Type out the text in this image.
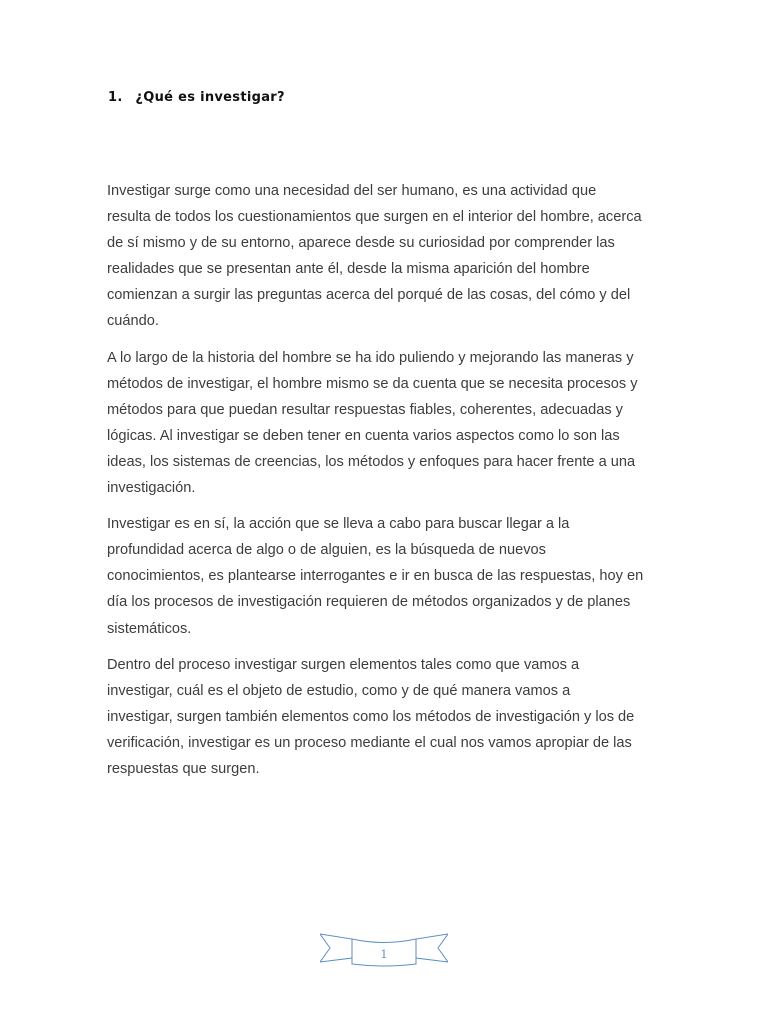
1. ¿Qué es investigar?

Investigar surge como una necesidad del ser humano, es una actividad que
resulta de todos los cuestionamientos que surgen en el interior del hombre, acerca
de sí mismo y de su entorno, aparece desde su curiosidad por comprender las
realidades que se presentan ante él, desde la misma aparición del hombre
comienzan a surgir las preguntas acerca del porqué de las cosas, del cómo y del
cuándo.

A lo largo de la historia del hombre se ha ido puliendo y mejorando las maneras y
métodos de investigar, el hombre mismo se da cuenta que se necesita procesos y
métodos para que puedan resultar respuestas fiables, coherentes, adecuadas y
lógicas. Al investigar se deben tener en cuenta varios aspectos como lo son las
ideas, los sistemas de creencias, los métodos y enfoques para hacer frente a una
investigación.

Investigar es en sí, la acción que se lleva a cabo para buscar llegar a la
profundidad acerca de algo o de alguien, es la búsqueda de nuevos
conocimientos, es plantearse interrogantes e ir en busca de las respuestas, hoy en
día los procesos de investigación requieren de métodos organizados y de planes
sistemáticos.

Dentro del proceso investigar surgen elementos tales como que vamos a
investigar, cuál es el objeto de estudio, como y de qué manera vamos a
investigar, surgen también elementos como los métodos de investigación y los de
verificación, investigar es un proceso mediante el cual nos vamos apropiar de las
respuestas que surgen.

1
